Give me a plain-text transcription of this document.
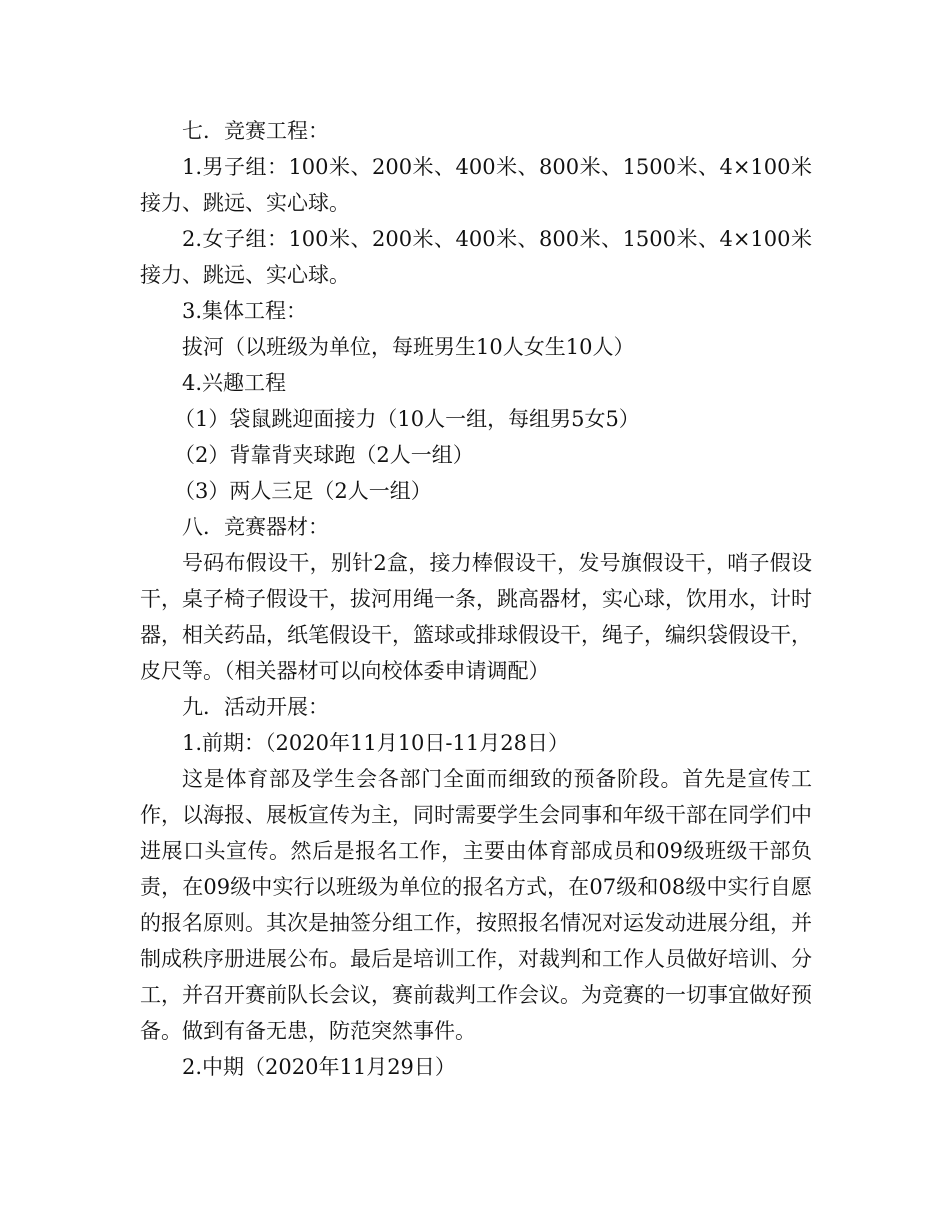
七．竞赛工程：

1.男子组：100米、200米、400米、800米、1500米、4×100米接力、跳远、实心球。

2.女子组：100米、200米、400米、800米、1500米、4×100米接力、跳远、实心球。

3.集体工程：

拔河（以班级为单位，每班男生10人女生10人）

4.兴趣工程

（1）袋鼠跳迎面接力（10人一组，每组男5女5）

（2）背靠背夹球跑（2人一组）

（3）两人三足（2人一组）

八．竞赛器材：

号码布假设干，别针2盒，接力棒假设干，发号旗假设干，哨子假设干，桌子椅子假设干，拔河用绳一条，跳高器材，实心球，饮用水，计时器，相关药品，纸笔假设干，篮球或排球假设干，绳子，编织袋假设干，皮尺等。（相关器材可以向校体委申请调配）

九．活动开展：

1.前期：（2020年11月10日-11月28日）

这是体育部及学生会各部门全面而细致的预备阶段。首先是宣传工作，以海报、展板宣传为主，同时需要学生会同事和年级干部在同学们中进展口头宣传。然后是报名工作，主要由体育部成员和09级班级干部负责，在09级中实行以班级为单位的报名方式，在07级和08级中实行自愿的报名原则。其次是抽签分组工作，按照报名情况对运发动进展分组，并制成秩序册进展公布。最后是培训工作，对裁判和工作人员做好培训、分工，并召开赛前队长会议，赛前裁判工作会议。为竞赛的一切事宜做好预备。做到有备无患，防范突然事件。

2.中期（2020年11月29日）
